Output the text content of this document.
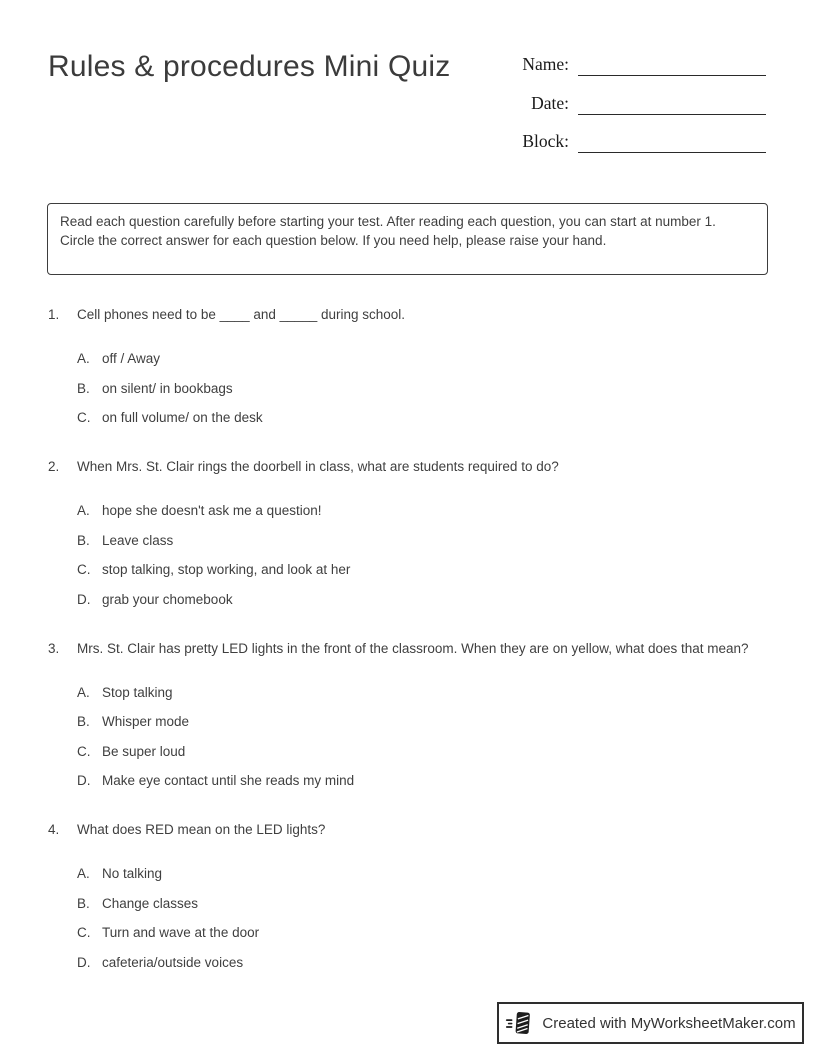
Rules & procedures Mini Quiz	Name:
Date:
Block:

Read each question carefully before starting your test. After reading each question, you can start at number 1. Circle the correct answer for each question below. If you need help, please raise your hand.

1.	Cell phones need to be ____ and _____ during school.
A. off / Away
B. on silent/ in bookbags
C. on full volume/ on the desk
2.	When Mrs. St. Clair rings the doorbell in class, what are students required to do?
A. hope she doesn't ask me a question!
B. Leave class
C. stop talking, stop working, and look at her
D. grab your chomebook
3.	Mrs. St. Clair has pretty LED lights in the front of the classroom. When they are on yellow, what does that mean?
A. Stop talking
B. Whisper mode
C. Be super loud
D. Make eye contact until she reads my mind
4.	What does RED mean on the LED lights?
A. No talking
B. Change classes
C. Turn and wave at the door
D. cafeteria/outside voices
Created with MyWorksheetMaker.com
